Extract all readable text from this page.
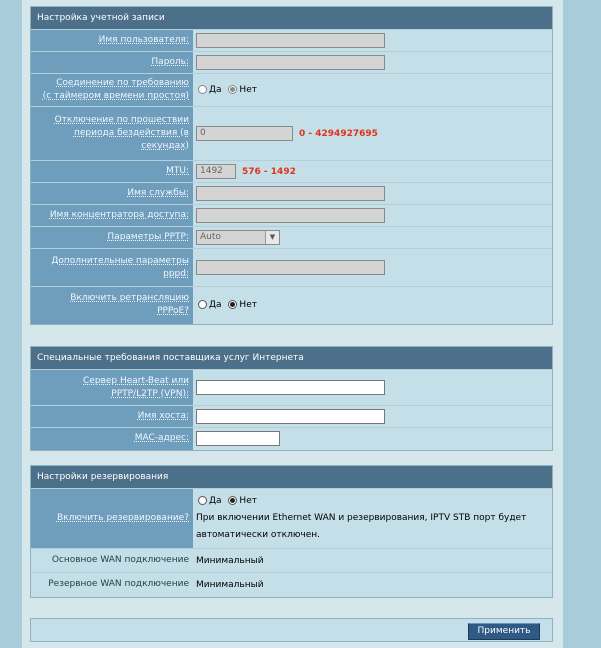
Настройка учетной записи
Имя пользователя:	
Пароль:	
Соединение по требованию
(с таймером времени простоя)	Да Нет
Отключение по прошествии
периода бездействия (в
секундах)	0 0 - 4294927695
MTU:	1492 576 - 1492
Имя службы:	
Имя концентратора доступа:	
Параметры PPTP:	Auto ▼

Дополнительные параметры
pppd:	
Включить ретрансляцию
PPPoE?	Да Нет
Специальные требования поставщика услуг Интернета
Сервер Heart-Beat или
PPTP/L2TP (VPN):	
Имя хоста:	
MAC-адрес:	
Настройки резервирования
Включить резервирование?	Да Нет
При включении Ethernet WAN и резервирования, IPTV STB порт будет
автоматически отключен.
Основное WAN подключение	Минимальный
Резервное WAN подключение	Минимальный
Применить
